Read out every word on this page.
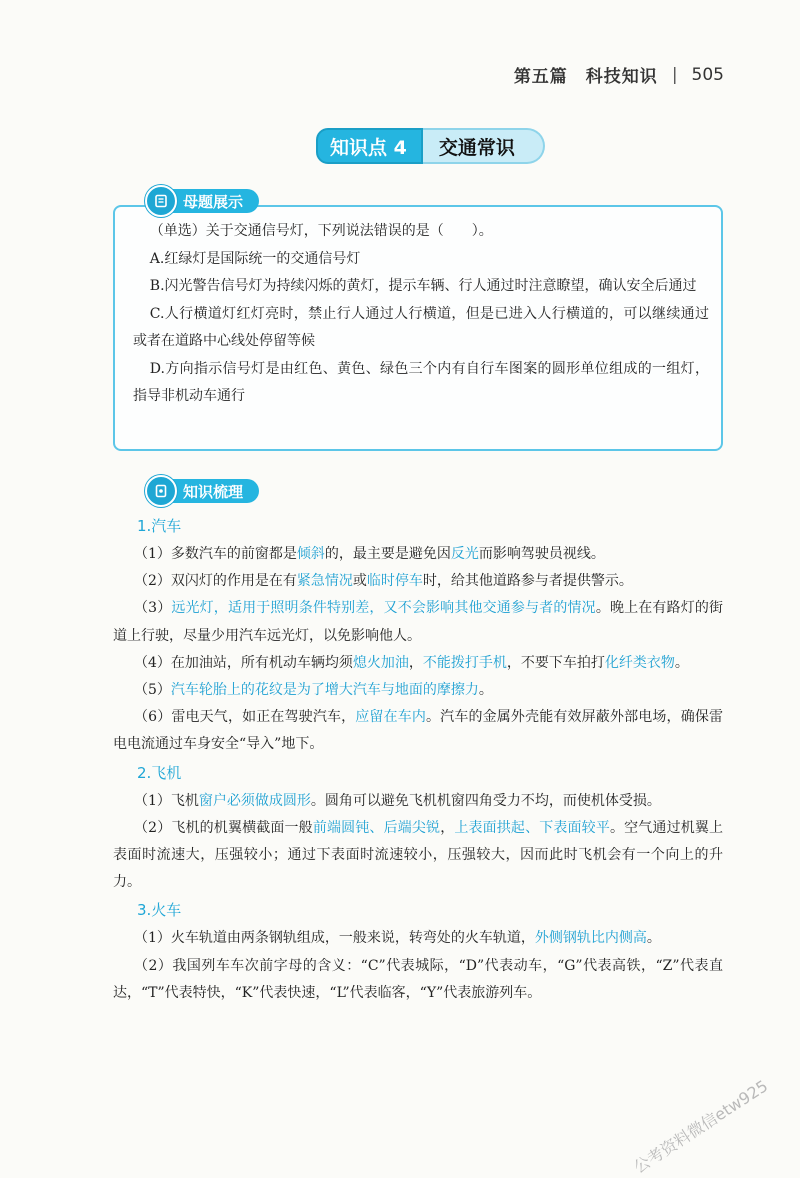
第五篇　科技知识 | 505
知识点 4	交通常识
母题展示

（单选）关于交通信号灯，下列说法错误的是（　　）。

A.红绿灯是国际统一的交通信号灯

B.闪光警告信号灯为持续闪烁的黄灯，提示车辆、行人通过时注意瞭望，确认安全后通过

C.人行横道灯红灯亮时，禁止行人通过人行横道，但是已进入人行横道的，可以继续通过或者在道路中心线处停留等候

D.方向指示信号灯是由红色、黄色、绿色三个内有自行车图案的圆形单位组成的一组灯，指导非机动车通行

知识梳理
1.汽车

（1）多数汽车的前窗都是倾斜的，最主要是避免因反光而影响驾驶员视线。

（2）双闪灯的作用是在有紧急情况或临时停车时，给其他道路参与者提供警示。

（3）远光灯，适用于照明条件特别差，又不会影响其他交通参与者的情况。晚上在有路灯的街道上行驶，尽量少用汽车远光灯，以免影响他人。

（4）在加油站，所有机动车辆均须熄火加油，不能拨打手机，不要下车拍打化纤类衣物。

（5）汽车轮胎上的花纹是为了增大汽车与地面的摩擦力。

（6）雷电天气，如正在驾驶汽车，应留在车内。汽车的金属外壳能有效屏蔽外部电场，确保雷电电流通过车身安全“导入”地下。

2.飞机

（1）飞机窗户必须做成圆形。圆角可以避免飞机机窗四角受力不均，而使机体受损。

（2）飞机的机翼横截面一般前端圆钝、后端尖锐，上表面拱起、下表面较平。空气通过机翼上表面时流速大，压强较小；通过下表面时流速较小，压强较大，因而此时飞机会有一个向上的升力。

3.火车

（1）火车轨道由两条钢轨组成，一般来说，转弯处的火车轨道，外侧钢轨比内侧高。

（2）我国列车车次前字母的含义：“C”代表城际，“D”代表动车，“G”代表高铁，“Z”代表直达，“T”代表特快，“K”代表快速，“L”代表临客，“Y”代表旅游列车。

公考资料微信etw925
